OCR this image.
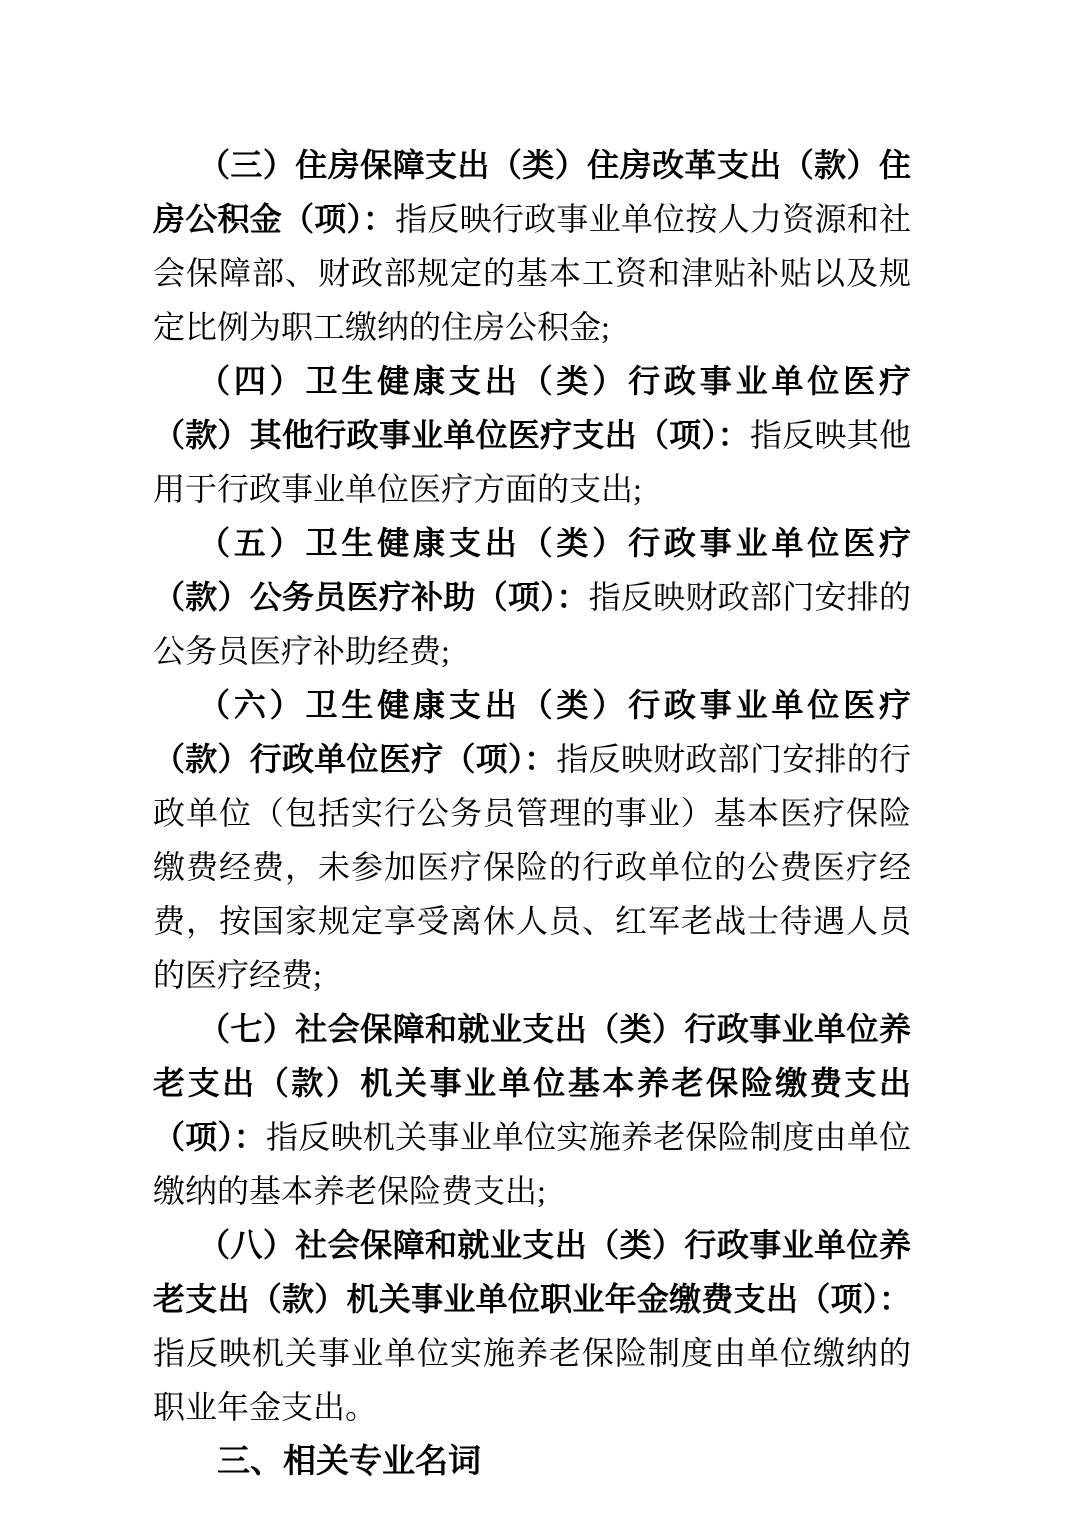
（三）住房保障支出（类）住房改革支出（款）住房公积金（项）：指反映行政事业单位按人力资源和社会保障部、财政部规定的基本工资和津贴补贴以及规定比例为职工缴纳的住房公积金;

（四）卫生健康支出（类）行政事业单位医疗（款）其他行政事业单位医疗支出（项）：指反映其他用于行政事业单位医疗方面的支出;

（五）卫生健康支出（类）行政事业单位医疗（款）公务员医疗补助（项）：指反映财政部门安排的公务员医疗补助经费;

（六）卫生健康支出（类）行政事业单位医疗（款）行政单位医疗（项）：指反映财政部门安排的行政单位（包括实行公务员管理的事业）基本医疗保险缴费经费，未参加医疗保险的行政单位的公费医疗经费，按国家规定享受离休人员、红军老战士待遇人员的医疗经费;

（七）社会保障和就业支出（类）行政事业单位养老支出（款）机关事业单位基本养老保险缴费支出（项）：指反映机关事业单位实施养老保险制度由单位缴纳的基本养老保险费支出;

（八）社会保障和就业支出（类）行政事业单位养老支出（款）机关事业单位职业年金缴费支出（项）：指反映机关事业单位实施养老保险制度由单位缴纳的职业年金支出。

三、相关专业名词
